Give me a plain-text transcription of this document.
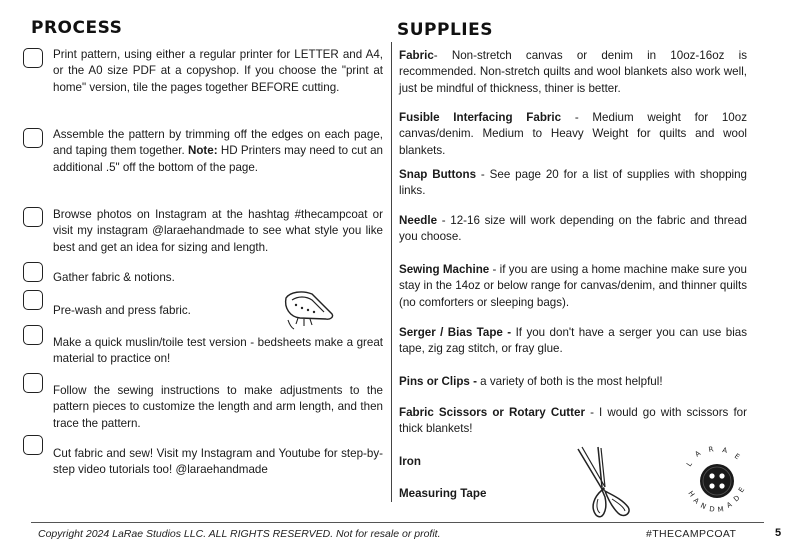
PROCESS	SUPPLIES
Print pattern, using either a regular printer for LETTER and A4, or the A0 size PDF at a copyshop. If you choose the "print at home" version, tile the pages together BEFORE cutting.
Assemble the pattern by trimming off the edges on each page, and taping them together. Note: HD Printers may need to cut an additional .5" off the bottom of the page.
Browse photos on Instagram at the hashtag #thecampcoat or visit my instagram @laraehandmade to see what style you like best and get an idea for sizing and length.
Gather fabric & notions.
Pre-wash and press fabric.
Make a quick muslin/toile test version - bedsheets make a great material to practice on!
Follow the sewing instructions to make adjustments to the pattern pieces to customize the length and arm length, and then trace the pattern.
Cut fabric and sew! Visit my Instagram and Youtube for step-by-step video tutorials too! @laraehandmade
Fabric- Non-stretch canvas or denim in 10oz-16oz is recommended. Non-stretch quilts and wool blankets also work well, just be mindful of thickness, thiner is better.
Fusible Interfacing Fabric - Medium weight for 10oz canvas/denim. Medium to Heavy Weight for quilts and wool blankets.
Snap Buttons - See page 20 for a list of supplies with shopping links.
Needle - 12-16 size will work depending on the fabric and thread you choose.
Sewing Machine - if you are using a home machine make sure you stay in the 14oz or below range for canvas/denim, and thinner quilts (no comforters or sleeping bags).
Serger / Bias Tape - If you don't have a serger you can use bias tape, zig zag stitch, or fray glue.
Pins or Clips - a variety of both is the most helpful!
Fabric Scissors or Rotary Cutter - I would go with scissors for thick blankets!
Iron
Measuring Tape
L
A R A
E
H
A
N D M A
D
E
Copyright 2024 LaRae Studios LLC. ALL RIGHTS RESERVED. Not for resale or profit.	#THECAMPCOAT	5
